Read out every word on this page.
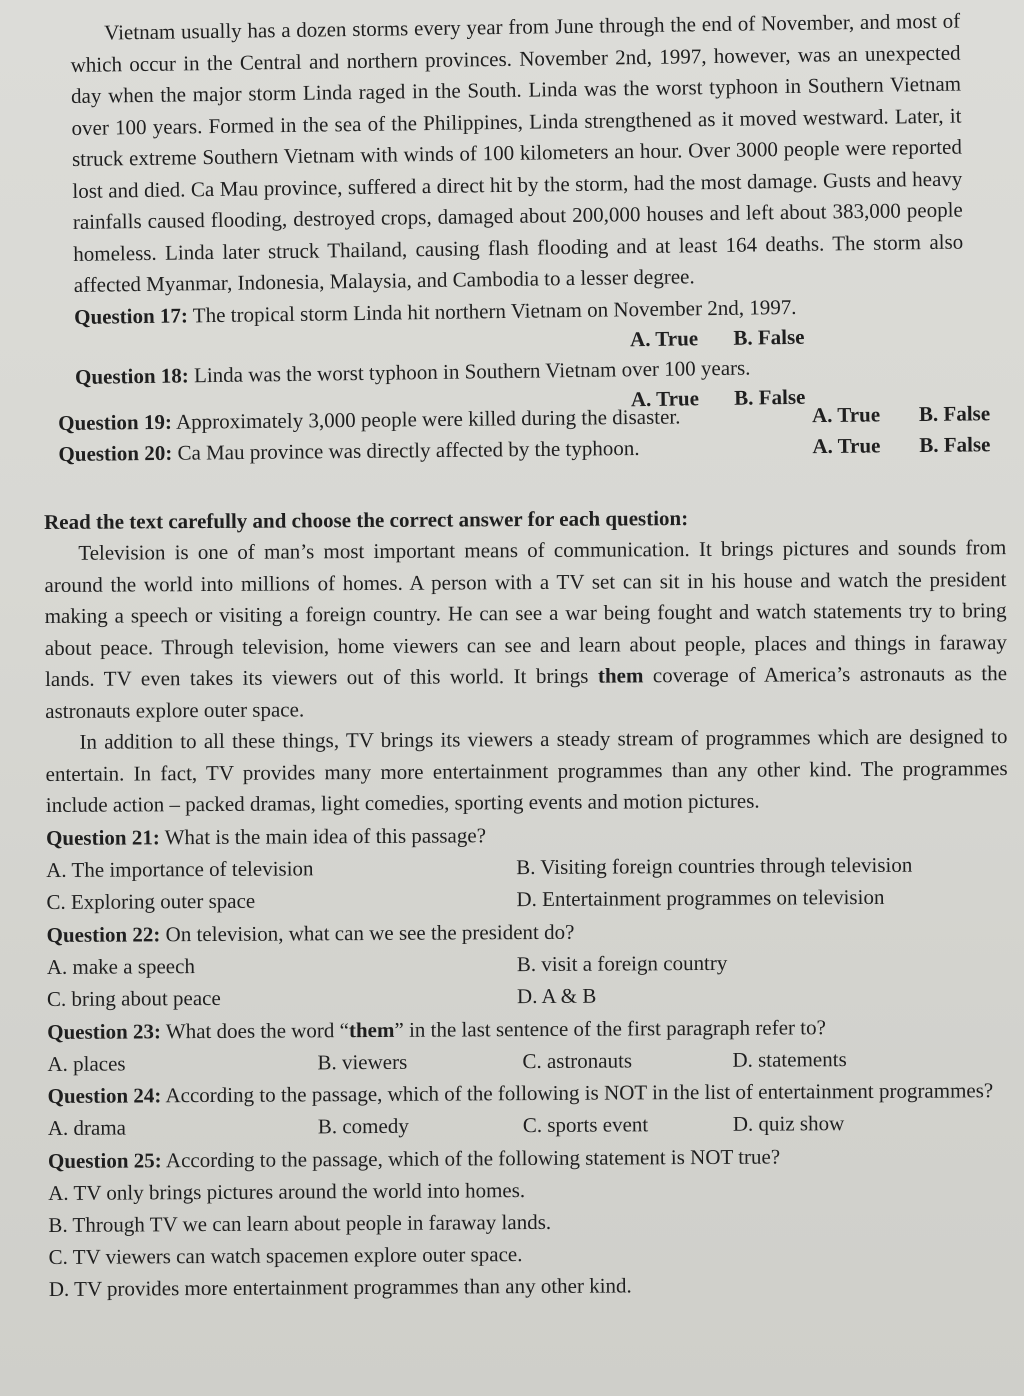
Vietnam usually has a dozen storms every year from June through the end of November, and most of which occur in the Central and northern provinces. November 2nd, 1997, however, was an unexpected day when the major storm Linda raged in the South. Linda was the worst typhoon in Southern Vietnam over 100 years. Formed in the sea of the Philippines, Linda strengthened as it moved westward. Later, it struck extreme Southern Vietnam with winds of 100 kilometers an hour. Over 3000 people were reported lost and died. Ca Mau province, suffered a direct hit by the storm, had the most damage. Gusts and heavy rainfalls caused flooding, destroyed crops, damaged about 200,000 houses and left about 383,000 people homeless. Linda later struck Thailand, causing flash flooding and at least 164 deaths. The storm also affected Myanmar, Indonesia, Malaysia, and Cambodia to a lesser degree.

Question 17: The tropical storm Linda hit northern Vietnam on November 2nd, 1997.

A. True B. False

Question 18: Linda was the worst typhoon in Southern Vietnam over 100 years.

A. True B. False

Question 19: Approximately 3,000 people were killed during the disaster.	A. True B. False
Question 20: Ca Mau province was directly affected by the typhoon.	A. True B. False

Read the text carefully and choose the correct answer for each question:

Television is one of man’s most important means of communication. It brings pictures and sounds from around the world into millions of homes. A person with a TV set can sit in his house and watch the president making a speech or visiting a foreign country. He can see a war being fought and watch statements try to bring about peace. Through television, home viewers can see and learn about people, places and things in faraway lands. TV even takes its viewers out of this world. It brings them coverage of America’s astronauts as the astronauts explore outer space.

In addition to all these things, TV brings its viewers a steady stream of programmes which are designed to entertain. In fact, TV provides many more entertainment programmes than any other kind. The programmes include action – packed dramas, light comedies, sporting events and motion pictures.

Question 21: What is the main idea of this passage?

A. The importance of television	B. Visiting foreign countries through television
C. Exploring outer space	D. Entertainment programmes on television

Question 22: On television, what can we see the president do?

A. make a speech	B. visit a foreign country
C. bring about peace	D. A & B

Question 23: What does the word “them” in the last sentence of the first paragraph refer to?

A. places	B. viewers	C. astronauts	D. statements

Question 24: According to the passage, which of the following is NOT in the list of entertainment programmes?

A. drama	B. comedy	C. sports event	D. quiz show

Question 25: According to the passage, which of the following statement is NOT true?

A. TV only brings pictures around the world into homes.

B. Through TV we can learn about people in faraway lands.

C. TV viewers can watch spacemen explore outer space.

D. TV provides more entertainment programmes than any other kind.
